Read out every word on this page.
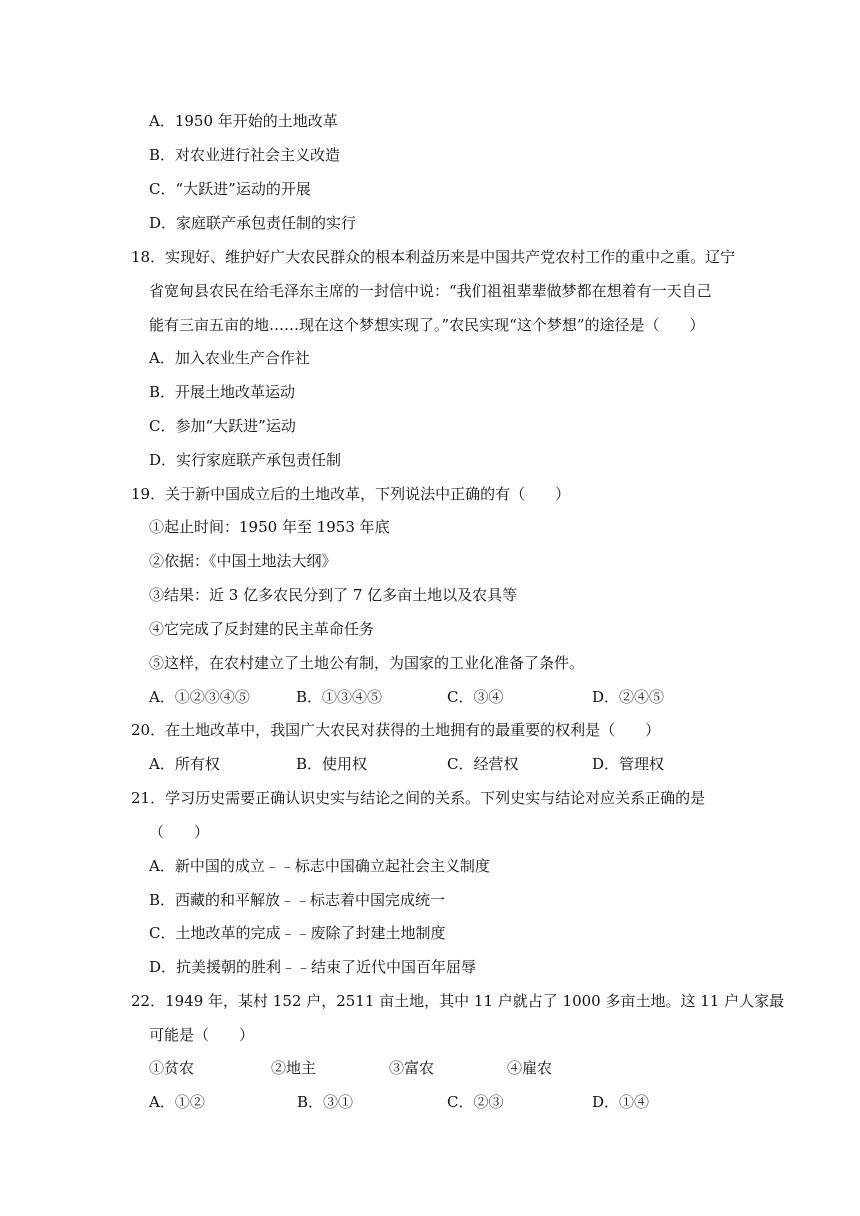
A．1950 年开始的土地改革
B．对农业进行社会主义改造
C．“大跃进”运动的开展
D．家庭联产承包责任制的实行
18．实现好、维护好广大农民群众的根本利益历来是中国共产党农村工作的重中之重。辽宁
省宽甸县农民在给毛泽东主席的一封信中说：“我们祖祖辈辈做梦都在想着有一天自己
能有三亩五亩的地……现在这个梦想实现了。”农民实现“这个梦想”的途径是（　　）
A．加入农业生产合作社
B．开展土地改革运动
C．参加“大跃进”运动
D．实行家庭联产承包责任制
19．关于新中国成立后的土地改革，下列说法中正确的有（　　）
①起止时间：1950 年至 1953 年底
②依据：《中国土地法大纲》
③结果：近 3 亿多农民分到了 7 亿多亩土地以及农具等
④它完成了反封建的民主革命任务
⑤这样，在农村建立了土地公有制，为国家的工业化准备了条件。
A．①②③④⑤	B．①③④⑤	C．③④	D．②④⑤
20．在土地改革中，我国广大农民对获得的土地拥有的最重要的权利是（　　）
A．所有权	B．使用权	C．经营权	D．管理权
21．学习历史需要正确认识史实与结论之间的关系。下列史实与结论对应关系正确的是
（　　）
A．新中国的成立﹣﹣标志中国确立起社会主义制度
B．西藏的和平解放﹣﹣标志着中国完成统一
C．土地改革的完成﹣﹣废除了封建土地制度
D．抗美援朝的胜利﹣﹣结束了近代中国百年屈辱
22．1949 年，某村 152 户，2511 亩土地，其中 11 户就占了 1000 多亩土地。这 11 户人家最
可能是（　　）
①贫农	②地主	③富农	④雇农
A．①②	B．③①	C．②③	D．①④
